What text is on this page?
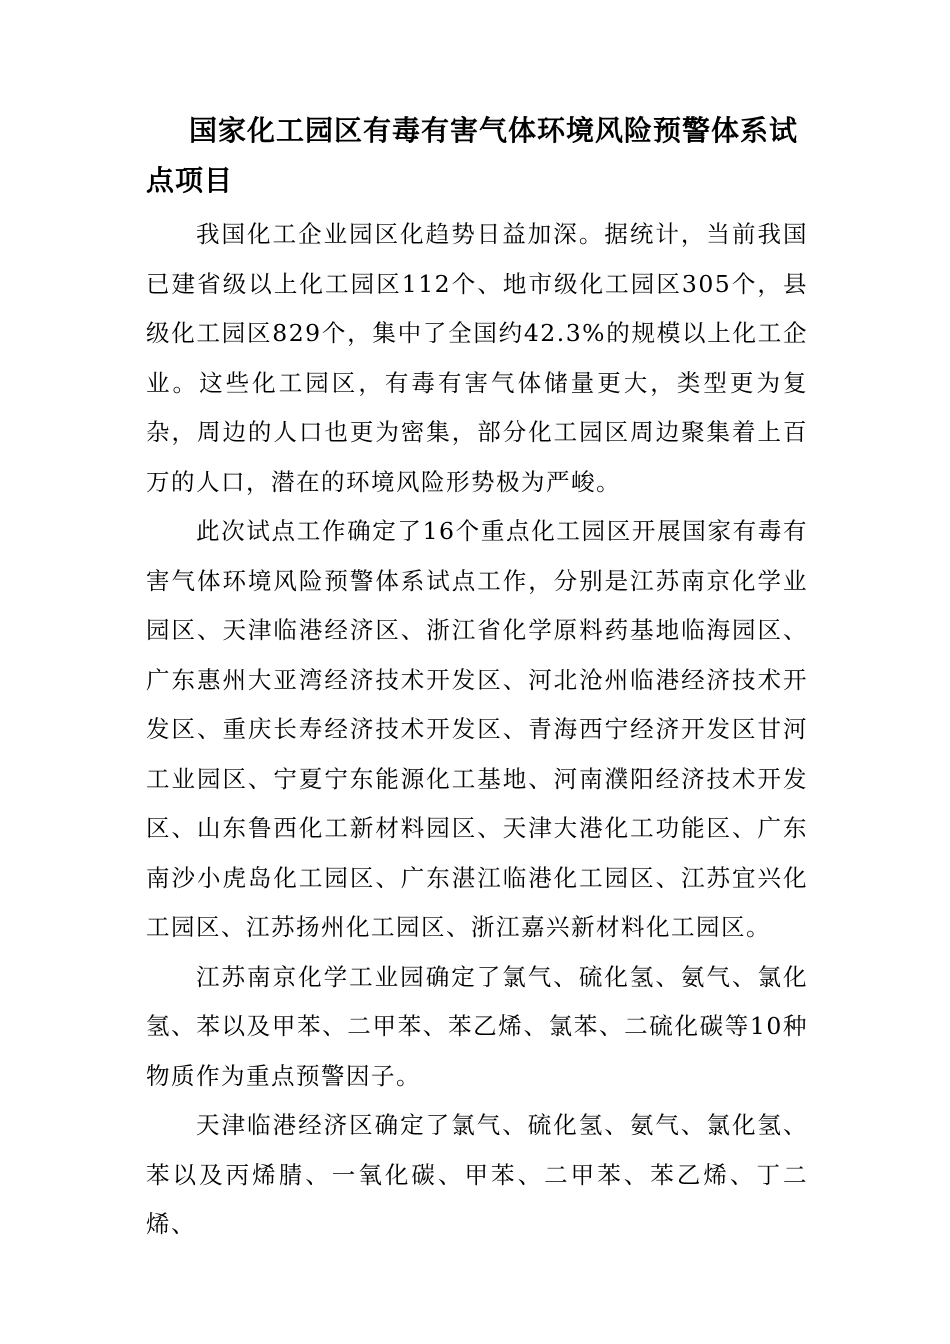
国家化工园区有毒有害气体环境风险预警体系试点项目

我国化工企业园区化趋势日益加深。据统计，当前我国已建省级以上化工园区112个、地市级化工园区305个，县级化工园区829个，集中了全国约42.3%的规模以上化工企业。这些化工园区，有毒有害气体储量更大，类型更为复杂，周边的人口也更为密集，部分化工园区周边聚集着上百万的人口，潜在的环境风险形势极为严峻。

此次试点工作确定了16个重点化工园区开展国家有毒有害气体环境风险预警体系试点工作，分别是江苏南京化学业园区、天津临港经济区、浙江省化学原料药基地临海园区、广东惠州大亚湾经济技术开发区、河北沧州临港经济技术开发区、重庆长寿经济技术开发区、青海西宁经济开发区甘河工业园区、宁夏宁东能源化工基地、河南濮阳经济技术开发区、山东鲁西化工新材料园区、天津大港化工功能区、广东南沙小虎岛化工园区、广东湛江临港化工园区、江苏宜兴化工园区、江苏扬州化工园区、浙江嘉兴新材料化工园区。

江苏南京化学工业园确定了氯气、硫化氢、氨气、氯化氢、苯以及甲苯、二甲苯、苯乙烯、氯苯、二硫化碳等10种物质作为重点预警因子。

天津临港经济区确定了氯气、硫化氢、氨气、氯化氢、苯以及丙烯腈、一氧化碳、甲苯、二甲苯、苯乙烯、丁二烯、
